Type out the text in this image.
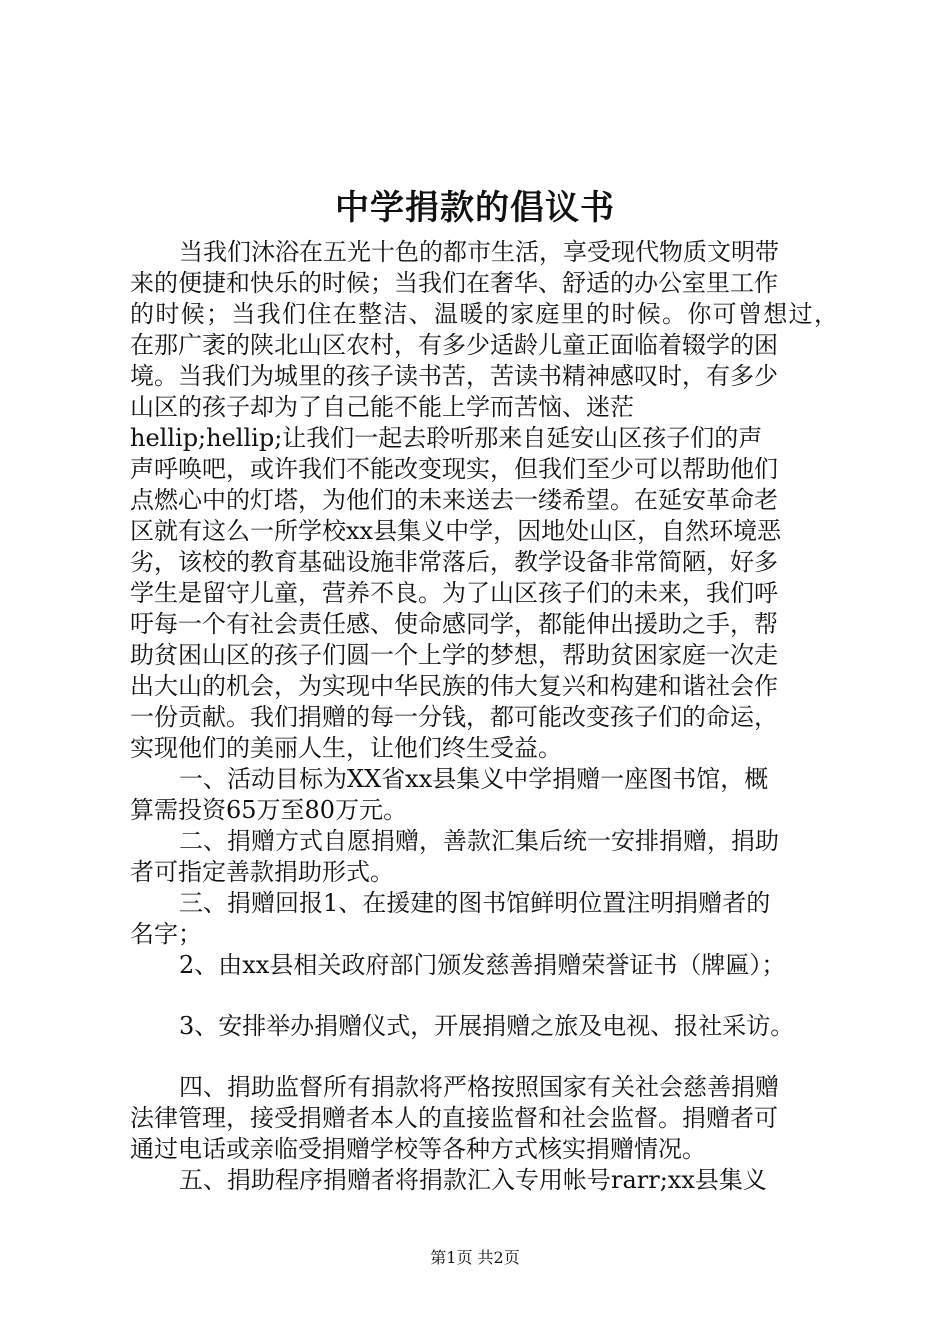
中学捐款的倡议书

当我们沐浴在五光十色的都市生活，享受现代物质文明带

来的便捷和快乐的时候；当我们在奢华、舒适的办公室里工作

的时候；当我们住在整洁、温暖的家庭里的时候。你可曾想过，

在那广袤的陕北山区农村，有多少适龄儿童正面临着辍学的困

境。当我们为城里的孩子读书苦，苦读书精神感叹时，有多少

山区的孩子却为了自己能不能上学而苦恼、迷茫

hellip;hellip;让我们一起去聆听那来自延安山区孩子们的声

声呼唤吧，或许我们不能改变现实，但我们至少可以帮助他们

点燃心中的灯塔，为他们的未来送去一缕希望。在延安革命老

区就有这么一所学校xx县集义中学，因地处山区，自然环境恶

劣，该校的教育基础设施非常落后，教学设备非常简陋，好多

学生是留守儿童，营养不良。为了山区孩子们的未来，我们呼

吁每一个有社会责任感、使命感同学，都能伸出援助之手，帮

助贫困山区的孩子们圆一个上学的梦想，帮助贫困家庭一次走

出大山的机会，为实现中华民族的伟大复兴和构建和谐社会作

一份贡献。我们捐赠的每一分钱，都可能改变孩子们的命运，

实现他们的美丽人生，让他们终生受益。

一、活动目标为XX省xx县集义中学捐赠一座图书馆，概

算需投资65万至80万元。

二、捐赠方式自愿捐赠，善款汇集后统一安排捐赠，捐助

者可指定善款捐助形式。

三、捐赠回报1、在援建的图书馆鲜明位置注明捐赠者的

名字；

2、由xx县相关政府部门颁发慈善捐赠荣誉证书（牌匾）；

3、安排举办捐赠仪式，开展捐赠之旅及电视、报社采访。

四、捐助监督所有捐款将严格按照国家有关社会慈善捐赠

法律管理，接受捐赠者本人的直接监督和社会监督。捐赠者可

通过电话或亲临受捐赠学校等各种方式核实捐赠情况。

五、捐助程序捐赠者将捐款汇入专用帐号rarr;xx县集义

第1页 共2页
